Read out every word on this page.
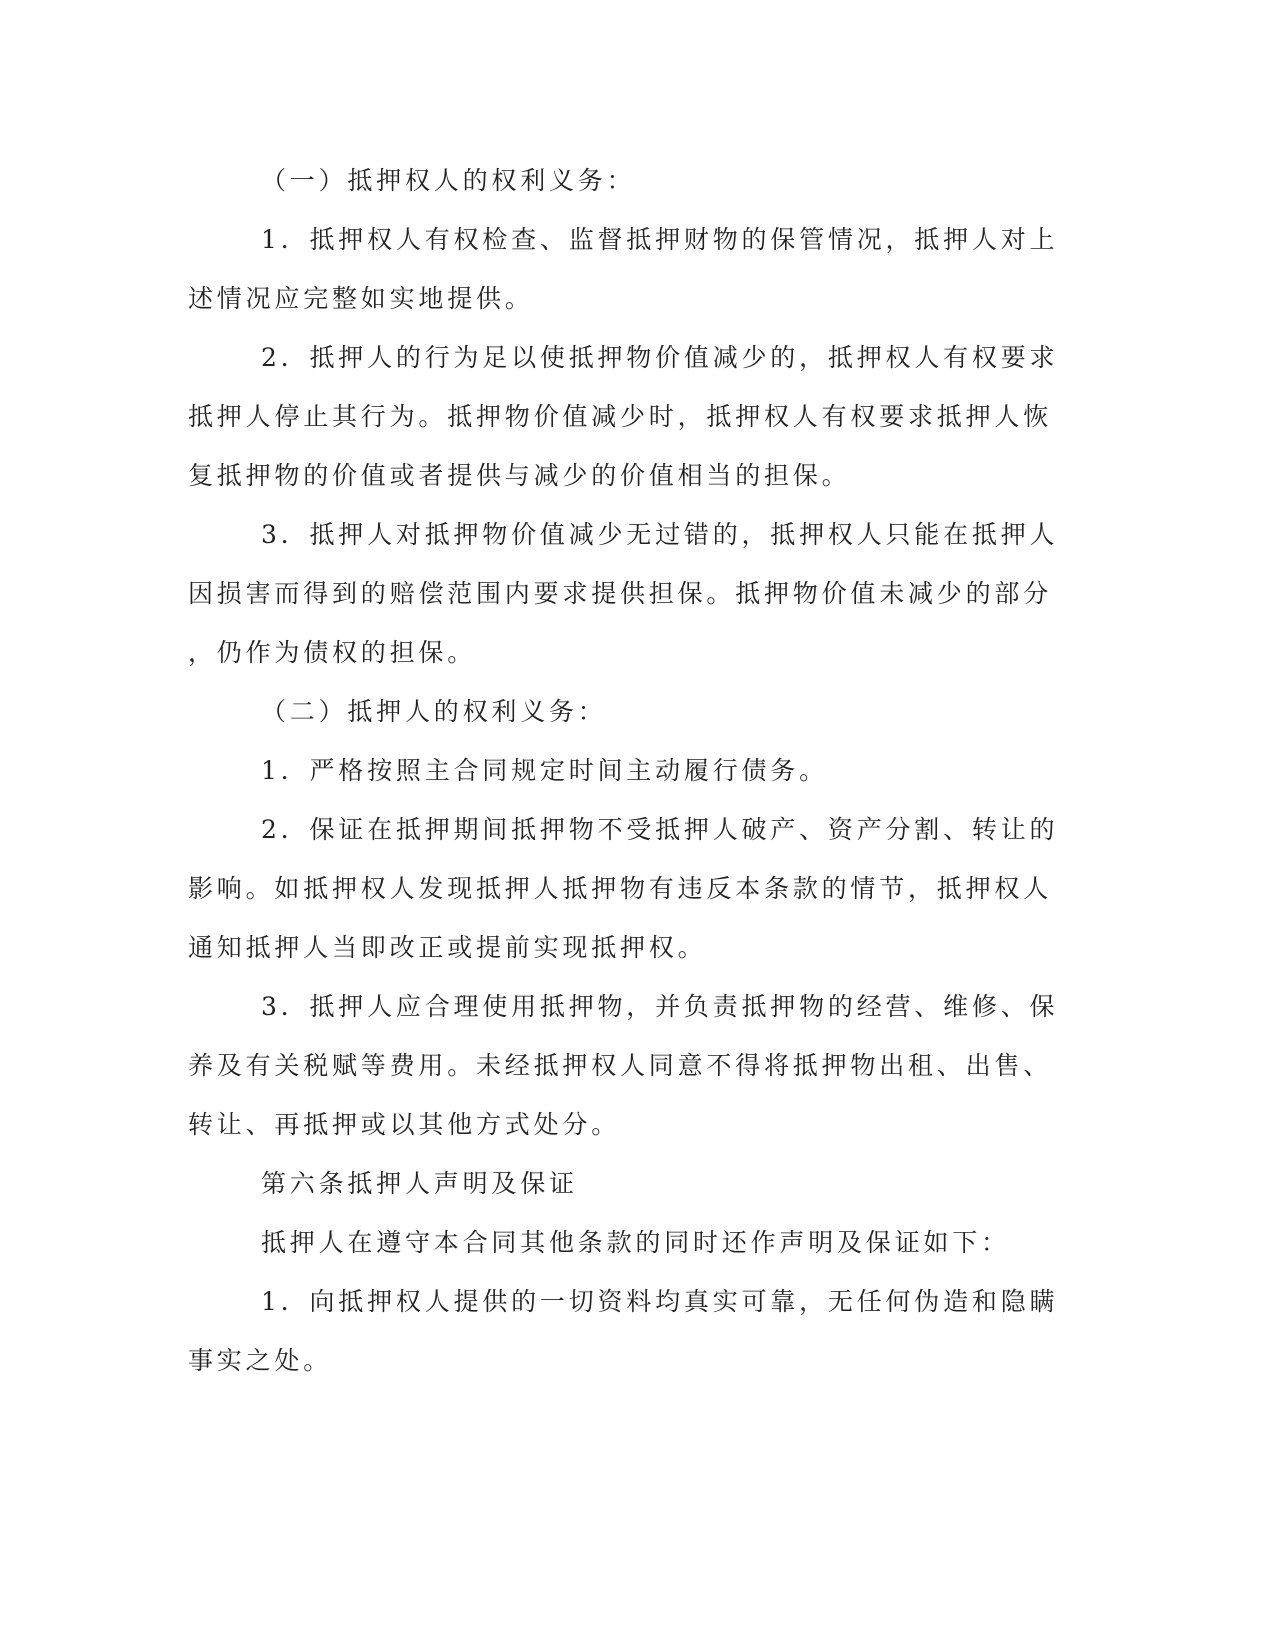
（一）抵押权人的权利义务：

1．抵押权人有权检查、监督抵押财物的保管情况，抵押人对上

述情况应完整如实地提供。

2．抵押人的行为足以使抵押物价值减少的，抵押权人有权要求

抵押人停止其行为。抵押物价值减少时，抵押权人有权要求抵押人恢

复抵押物的价值或者提供与减少的价值相当的担保。

3．抵押人对抵押物价值减少无过错的，抵押权人只能在抵押人

因损害而得到的赔偿范围内要求提供担保。抵押物价值未减少的部分

，仍作为债权的担保。

（二）抵押人的权利义务：

1．严格按照主合同规定时间主动履行债务。

2．保证在抵押期间抵押物不受抵押人破产、资产分割、转让的

影响。如抵押权人发现抵押人抵押物有违反本条款的情节，抵押权人

通知抵押人当即改正或提前实现抵押权。

3．抵押人应合理使用抵押物，并负责抵押物的经营、维修、保

养及有关税赋等费用。未经抵押权人同意不得将抵押物出租、出售、

转让、再抵押或以其他方式处分。

第六条抵押人声明及保证

抵押人在遵守本合同其他条款的同时还作声明及保证如下：

1．向抵押权人提供的一切资料均真实可靠，无任何伪造和隐瞒

事实之处。
